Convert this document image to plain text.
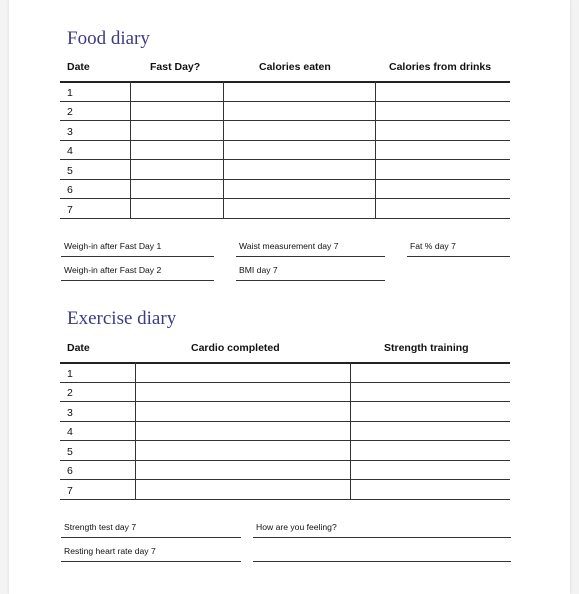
Food diary
Date	Fast Day?	Calories eaten	Calories from drinks
1
2
3
4
5
6
7
Weigh-in after Fast Day 1	Waist measurement day 7	Fat % day 7
Weigh-in after Fast Day 2	BMI day 7
Exercise diary
Date	Cardio completed	Strength training
1
2
3
4
5
6
7
Strength test day 7	How are you feeling?
Resting heart rate day 7
